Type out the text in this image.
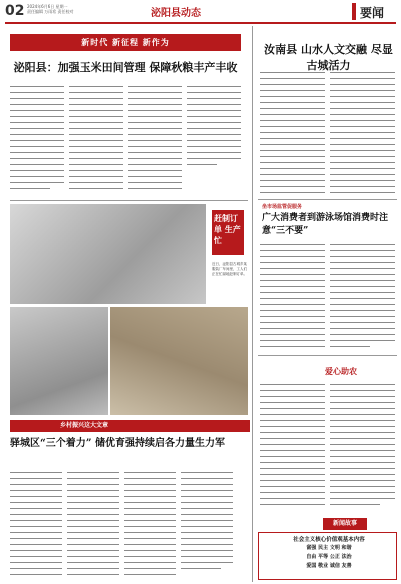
02 2024年6月6日 星期一
责任编辑 万雨希 责任校对	泌阳县动态	要闻
新时代 新征程 新作为
泌阳县：加强玉米田间管理 保障秋粮丰产丰收
汝南县 山水人文交融 尽显古城活力
赶制订单 生产忙
近日，泌阳县古城乡某服装厂车间里，工人们正在忙碌地赶制订单。
坐市场监管促服务
广大消费者到游泳场馆消费时注意“三不要”
爱心助农
新闻故事
社会主义核心价值观基本内容
富强 民主 文明 和谐
自由 平等 公正 法治
爱国 敬业 诚信 友善
乡村振兴这大文章
驿城区“三个着力” 储优育强持续启各力量生力军
